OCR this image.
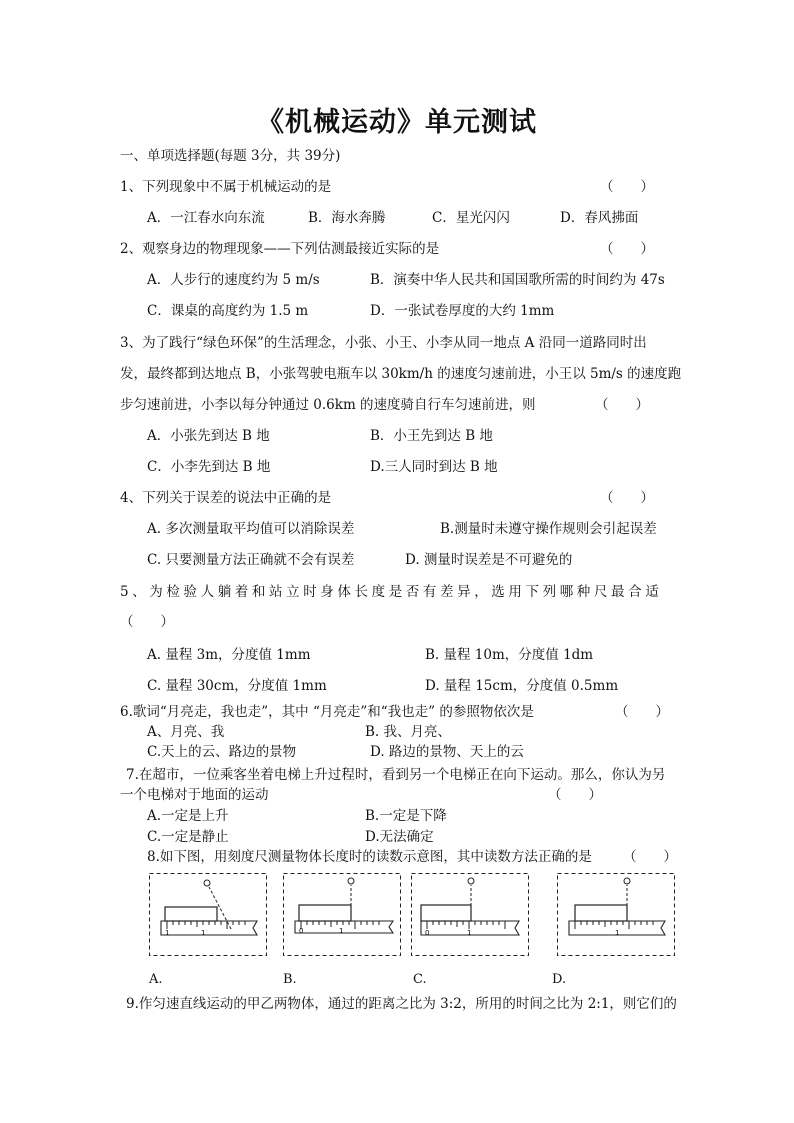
《机械运动》单元测试
一、单项选择题(每题 3分，共 39分)
1、下列现象中不属于机械运动的是	（　　）
A．一江春水向东流	B．海水奔腾	C．星光闪闪	D．春风拂面
2、观察身边的物理现象——下列估测最接近实际的是	（　　）
A．人步行的速度约为 5 m/s	B．演奏中华人民共和国国歌所需的时间约为 47s
C．课桌的高度约为 1.5 m	D．一张试卷厚度的大约 1mm
3、为了践行“绿色环保”的生活理念，小张、小王、小李从同一地点 A 沿同一道路同时出
发，最终都到达地点 B，小张驾驶电瓶车以 30km/h 的速度匀速前进，小王以 5m/s 的速度跑
步匀速前进，小李以每分钟通过 0.6km 的速度骑自行车匀速前进，则	（　　）
A．小张先到达 B 地	B．小王先到达 B 地
C．小李先到达 B 地	D.三人同时到达 B 地
4、下列关于误差的说法中正确的是	（　　）
A. 多次测量取平均值可以消除误差	B.测量时未遵守操作规则会引起误差
C. 只要测量方法正确就不会有误差	D. 测量时误差是不可避免的
5、为检验人躺着和站立时身体长度是否有差异，选用下列哪种尺最合适
（　　）
A. 量程 3m，分度值 1mm	B. 量程 10m，分度值 1dm
C. 量程 30cm，分度值 1mm	D. 量程 15cm，分度值 0.5mm
6.歌词“月亮走，我也走”，其中 “月亮走”和“我也走” 的参照物依次是	（　　）
A、月亮、我	B. 我、月亮、
C.天上的云、路边的景物	D. 路边的景物、天上的云
7.在超市，一位乘客坐着电梯上升过程时，看到另一个电梯正在向下运动。那么，你认为另
一个电梯对于地面的运动	（　　）
A.一定是上升	B.一定是下降
C.一定是静止	D.无法确定
8.如下图，用刻度尺测量物体长度时的读数示意图，其中读数方法正确的是 （　　）
1	1
A.
0	1
B.
0	1
C.
1
D.
9.作匀速直线运动的甲乙两物体，通过的距离之比为 3:2，所用的时间之比为 2:1，则它们的
